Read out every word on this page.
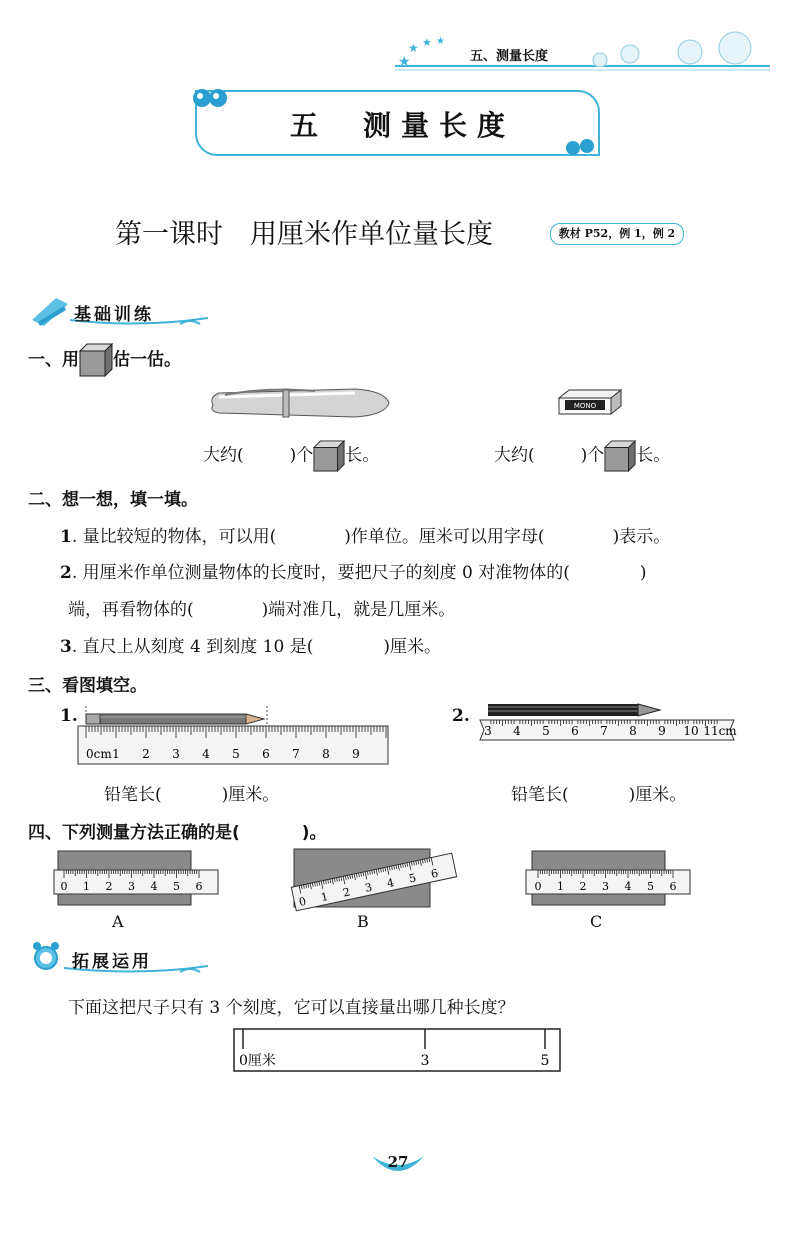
★
★ ★ ★
五、测量长度
五 测量长度
第一课时　用厘米作单位量长度	教材 P52，例 1，例 2
基础训练
一、用 估一估。
MONO
大约(	)个 长。	大约(	)个 长。
二、想一想，填一填。
1. 量比较短的物体，可以用(	)作单位。厘米可以用字母(	)表示。
2. 用厘米作单位测量物体的长度时，要把尺子的刻度 0 对准物体的(	)
端，再看物体的(	)端对准几，就是几厘米。
3. 直尺上从刻度 4 到刻度 10 是(	)厘米。
三、看图填空。
1.
0cm 1 2 3 4 5 6 7 8 9
铅笔长(	)厘米。
2.
3 4 5 6 7 8 9 10 11cm
铅笔长(	)厘米。
四、下列测量方法正确的是(	)。
0 1 2 3 4 5 6
A
0 1 2 3 4 5 6
B
0 1 2 3 4 5 6
C
拓展运用
下面这把尺子只有 3 个刻度，它可以直接量出哪几种长度？
0厘米	3	5
27
